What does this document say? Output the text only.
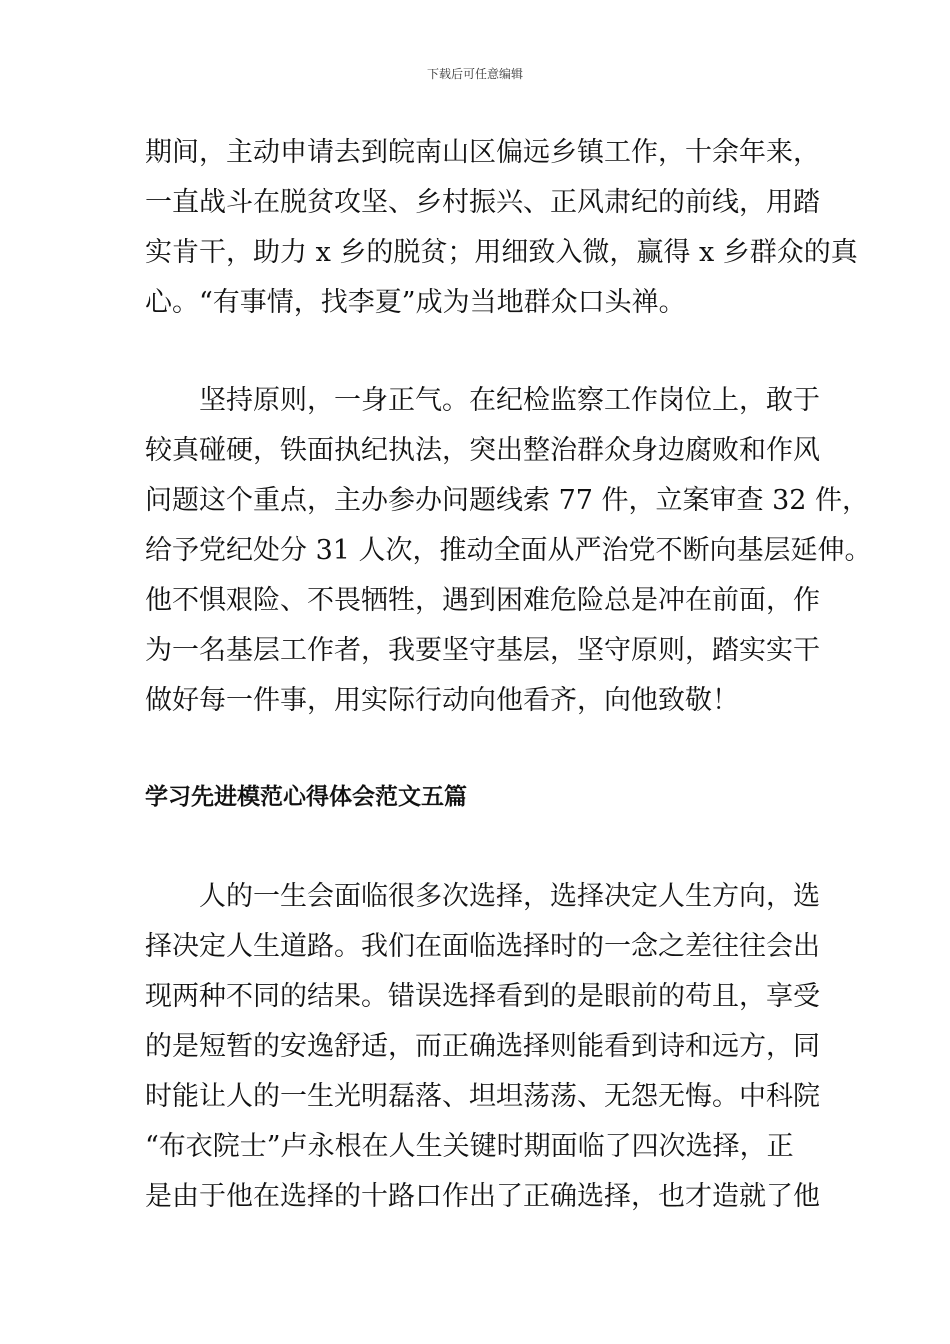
下载后可任意编辑

期间，主动申请去到皖南山区偏远乡镇工作，十余年来，
一直战斗在脱贫攻坚、乡村振兴、正风肃纪的前线，用踏
实肯干，助力 x 乡的脱贫；用细致入微，赢得 x 乡群众的真
心。“有事情，找李夏”成为当地群众口头禅。

　　坚持原则，一身正气。在纪检监察工作岗位上，敢于
较真碰硬，铁面执纪执法，突出整治群众身边腐败和作风
问题这个重点，主办参办问题线索 77 件，立案审查 32 件，
给予党纪处分 31 人次，推动全面从严治党不断向基层延伸。
他不惧艰险、不畏牺牲，遇到困难危险总是冲在前面，作
为一名基层工作者，我要坚守基层，坚守原则，踏实实干
做好每一件事，用实际行动向他看齐，向他致敬！

学习先进模范心得体会范文五篇

　　人的一生会面临很多次选择，选择决定人生方向，选
择决定人生道路。我们在面临选择时的一念之差往往会出
现两种不同的结果。错误选择看到的是眼前的苟且，享受
的是短暂的安逸舒适，而正确选择则能看到诗和远方，同
时能让人的一生光明磊落、坦坦荡荡、无怨无悔。中科院
“布衣院士”卢永根在人生关键时期面临了四次选择，正
是由于他在选择的十路口作出了正确选择，也才造就了他
